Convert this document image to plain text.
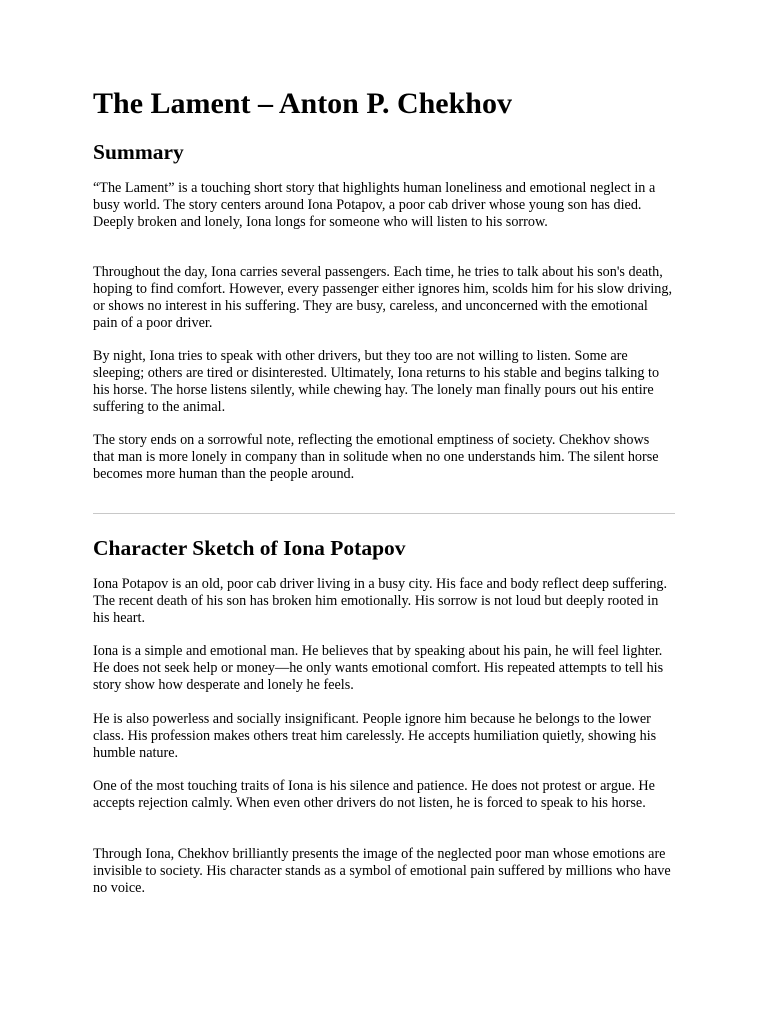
The Lament – Anton P. Chekhov
Summary

“The Lament” is a touching short story that highlights human loneliness and emotional neglect in a busy world. The story centers around Iona Potapov, a poor cab driver whose young son has died. Deeply broken and lonely, Iona longs for someone who will listen to his sorrow.

Throughout the day, Iona carries several passengers. Each time, he tries to talk about his son's death, hoping to find comfort. However, every passenger either ignores him, scolds him for his slow driving, or shows no interest in his suffering. They are busy, careless, and unconcerned with the emotional pain of a poor driver.

By night, Iona tries to speak with other drivers, but they too are not willing to listen. Some are sleeping; others are tired or disinterested. Ultimately, Iona returns to his stable and begins talking to his horse. The horse listens silently, while chewing hay. The lonely man finally pours out his entire suffering to the animal.

The story ends on a sorrowful note, reflecting the emotional emptiness of society. Chekhov shows that man is more lonely in company than in solitude when no one understands him. The silent horse becomes more human than the people around.

Character Sketch of Iona Potapov

Iona Potapov is an old, poor cab driver living in a busy city. His face and body reflect deep suffering. The recent death of his son has broken him emotionally. His sorrow is not loud but deeply rooted in his heart.

Iona is a simple and emotional man. He believes that by speaking about his pain, he will feel lighter. He does not seek help or money—he only wants emotional comfort. His repeated attempts to tell his story show how desperate and lonely he feels.

He is also powerless and socially insignificant. People ignore him because he belongs to the lower class. His profession makes others treat him carelessly. He accepts humiliation quietly, showing his humble nature.

One of the most touching traits of Iona is his silence and patience. He does not protest or argue. He accepts rejection calmly. When even other drivers do not listen, he is forced to speak to his horse.

Through Iona, Chekhov brilliantly presents the image of the neglected poor man whose emotions are invisible to society. His character stands as a symbol of emotional pain suffered by millions who have no voice.
